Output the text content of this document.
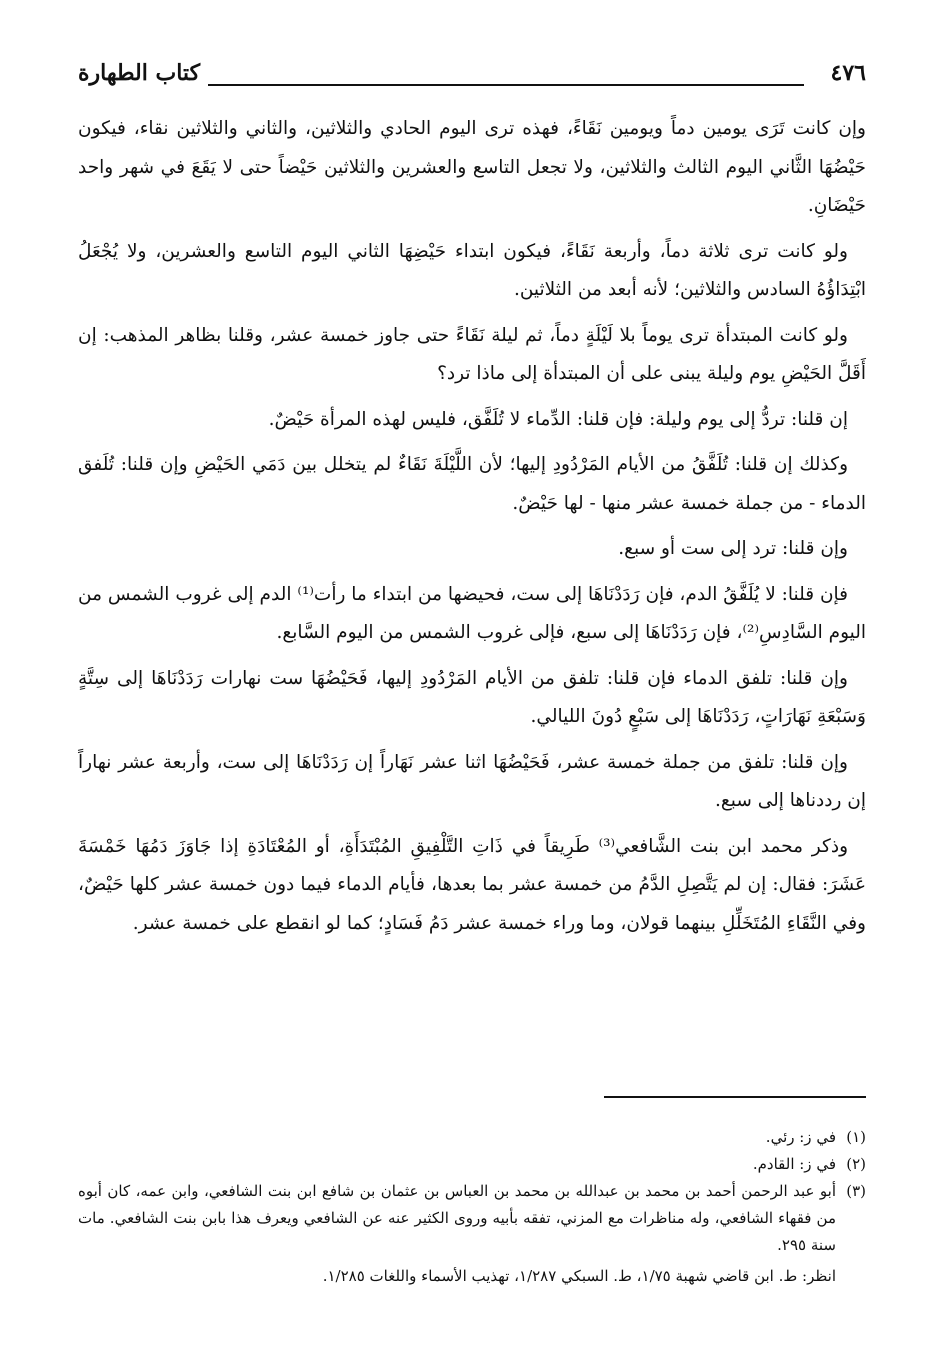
٤٧٦
كتاب الطهارة

وإن كانت تَرَى يومين دماً ويومين نَقَاءً، فهذه ترى اليوم الحادي والثلاثين، والثاني والثلاثين نقاء، فيكون حَيْضُهَا الثَّاني اليوم الثالث والثلاثين، ولا تجعل التاسع والعشرين والثلاثين حَيْضاً حتى لا يَقَعَ في شهر واحد حَيْضَانِ.

ولو كانت ترى ثلاثة دماً، وأربعة نَقَاءً، فيكون ابتداء حَيْضِهَا الثاني اليوم التاسع والعشرين، ولا يُجْعَلُ ابْتِدَاؤُهُ السادس والثلاثين؛ لأنه أبعد من الثلاثين.

ولو كانت المبتدأة ترى يوماً بلا لَيْلَةٍ دماً، ثم ليلة نَقَاءً حتى جاوز خمسة عشر، وقلنا بظاهر المذهب: إن أَقَلَّ الحَيْضِ يوم وليلة يبنى على أن المبتدأة إلى ماذا ترد؟

إن قلنا: تردُّ إلى يوم وليلة: فإن قلنا: الدِّماء لا تُلَفَّق، فليس لهذه المرأة حَيْضٌ.

وكذلك إن قلنا: تُلَفَّقُ من الأيام المَرْدُودِ إليها؛ لأن اللَّيْلَةَ نَقَاءٌ لم يتخلل بين دَمَي الحَيْضِ وإن قلنا: تُلَفق الدماء - من جملة خمسة عشر منها - لها حَيْضٌ.

وإن قلنا: ترد إلى ست أو سبع.

فإن قلنا: لا يُلَفَّقُ الدم، فإن رَدَدْنَاهَا إلى ست، فحيضها من ابتداء ما رأت⁽¹⁾ الدم إلى غروب الشمس من اليوم السَّادِسِ⁽²⁾، فإن رَدَدْنَاهَا إلى سبع، فإلى غروب الشمس من اليوم السَّابع.

وإن قلنا: تلفق الدماء فإن قلنا: تلفق من الأيام المَرْدُودِ إليها، فَحَيْضُهَا ست نهارات رَدَدْنَاهَا إلى سِتَّةٍ وَسَبْعَةِ نَهَارَاتٍ، رَدَدْنَاهَا إلى سَبْعٍ دُونَ الليالي.

وإن قلنا: تلفق من جملة خمسة عشر، فَحَيْضُهَا اثنا عشر نَهَاراً إن رَدَدْنَاهَا إلى ست، وأربعة عشر نهاراً إن رددناها إلى سبع.

وذكر محمد ابن بنت الشَّافعي⁽³⁾ طَرِيقاً في ذَاتِ التَّلْفِيقِ المُبْتَدَأَةِ، أو المُعْتَادَةِ إذا جَاوَزَ دَمُهَا خَمْسَةَ عَشَرَ: فقال: إن لم يَتَّصِلِ الدَّمُ من خمسة عشر بما بعدها، فأيام الدماء فيما دون خمسة عشر كلها حَيْضٌ، وفي النَّقَاءِ المُتَخَلِّلِ بينهما قولان، وما وراء خمسة عشر دَمُ فَسَادٍ؛ كما لو انقطع على خمسة عشر.

(١)
في ز: رئي.

(٢)
في ز: القادم.

(٣)
أبو عبد الرحمن أحمد بن محمد بن عبدالله بن محمد بن العباس بن عثمان بن شافع ابن بنت الشافعي، وابن عمه، كان أبوه من فقهاء الشافعي، وله مناظرات مع المزني، تفقه بأبيه وروى الكثير عنه عن الشافعي ويعرف هذا بابن بنت الشافعي. مات سنة ٢٩٥.

انظر: ط. ابن قاضي شهبة ١/٧٥، ط. السبكي ١/٢٨٧، تهذيب الأسماء واللغات ١/٢٨٥.
